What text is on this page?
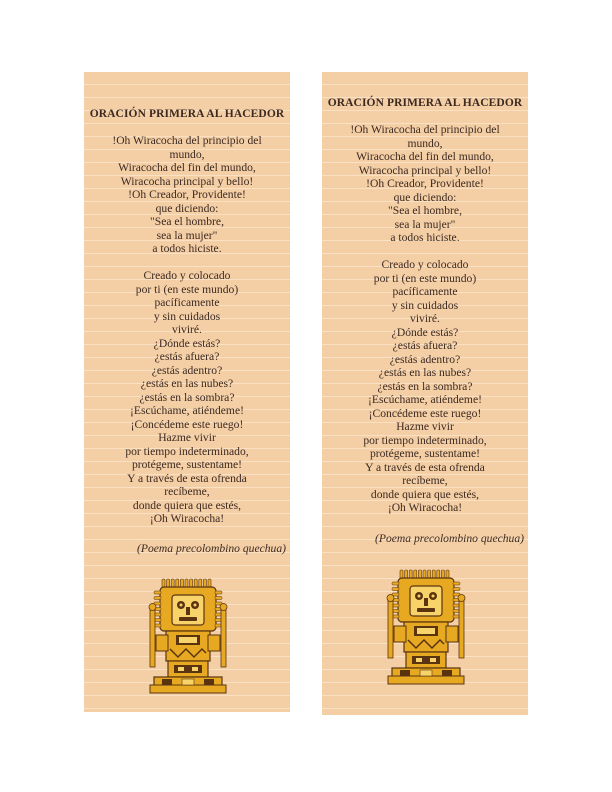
ORACIÓN PRIMERA AL HACEDOR
!Oh Wiracocha del principio del
mundo,
Wiracocha del fin del mundo,
Wiracocha principal y bello!
!Oh Creador, Providente!
que diciendo:
"Sea el hombre,
sea la mujer"
a todos hiciste.
Creado y colocado
por ti (en este mundo)
pacíficamente
y sin cuidados
viviré.
¿Dónde estás?
¿estás afuera?
¿estás adentro?
¿estás en las nubes?
¿estás en la sombra?
¡Escúchame, atiéndeme!
¡Concédeme este ruego!
Hazme vivir
por tiempo indeterminado,
protégeme, sustentame!
Y a través de esta ofrenda
recíbeme,
donde quiera que estés,
¡Oh Wiracocha!
(Poema precolombino quechua)
ORACIÓN PRIMERA AL HACEDOR
!Oh Wiracocha del principio del
mundo,
Wiracocha del fin del mundo,
Wiracocha principal y bello!
!Oh Creador, Providente!
que diciendo:
"Sea el hombre,
sea la mujer"
a todos hiciste.
Creado y colocado
por ti (en este mundo)
pacíficamente
y sin cuidados
viviré.
¿Dónde estás?
¿estás afuera?
¿estás adentro?
¿estás en las nubes?
¿estás en la sombra?
¡Escúchame, atiéndeme!
¡Concédeme este ruego!
Hazme vivir
por tiempo indeterminado,
protégeme, sustentame!
Y a través de esta ofrenda
recíbeme,
donde quiera que estés,
¡Oh Wiracocha!
(Poema precolombino quechua)
